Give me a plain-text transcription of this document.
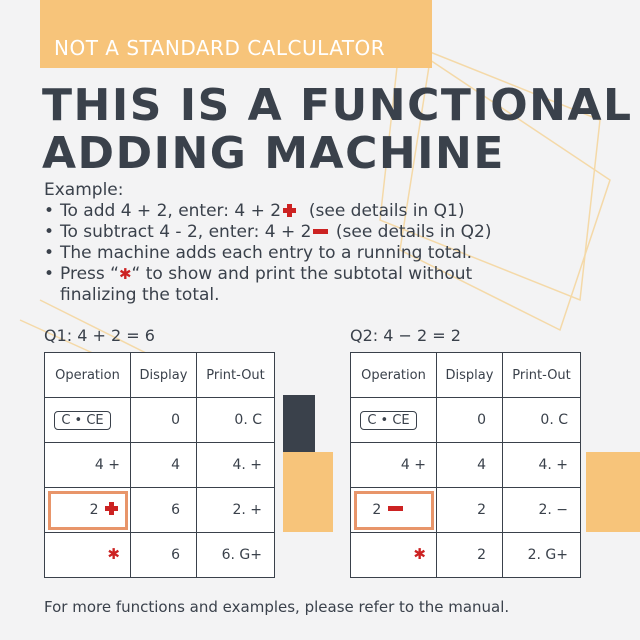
NOT A STANDARD CALCULATOR
THIS IS A FUNCTIONAL
ADDING MACHINE
Example:
• To add 4 + 2, enter: 4 + 2 (see details in Q1)
• To subtract 4 - 2, enter: 4 + 2 (see details in Q2)
• The machine adds each entry to a running total.
• Press “✱“ to show and print the subtotal without
finalizing the total.
Q1: 4 + 2 = 6
Operation	Display	Print-Out
C • CE	0	0. C
4 +	4	4. +
2	6	2. +
✱	6	6. G+
Q2: 4 − 2 = 2
Operation	Display	Print-Out
C • CE	0	0. C
4 +	4	4. +
2	2	2. −
✱	2	2. G+
For more functions and examples, please refer to the manual.
